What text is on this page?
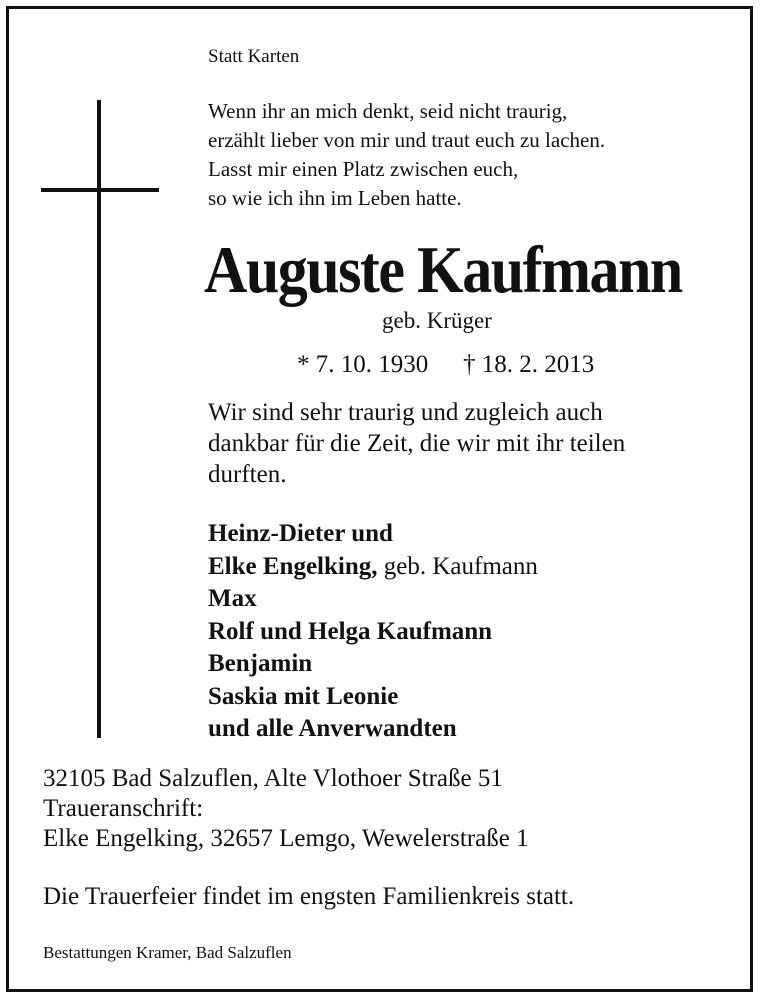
Statt Karten
Wenn ihr an mich denkt, seid nicht traurig,
erzählt lieber von mir und traut euch zu lachen.
Lasst mir einen Platz zwischen euch,
so wie ich ihn im Leben hatte.
Auguste Kaufmann
geb. Krüger
* 7. 10. 1930 † 18. 2. 2013
Wir sind sehr traurig und zugleich auch
dankbar für die Zeit, die wir mit ihr teilen
durften.
Heinz-Dieter und
Elke Engelking, geb. Kaufmann
Max
Rolf und Helga Kaufmann
Benjamin
Saskia mit Leonie
und alle Anverwandten
32105 Bad Salzuflen, Alte Vlothoer Straße 51
Traueranschrift:
Elke Engelking, 32657 Lemgo, Wewelerstraße 1
Die Trauerfeier findet im engsten Familienkreis statt.
Bestattungen Kramer, Bad Salzuflen
